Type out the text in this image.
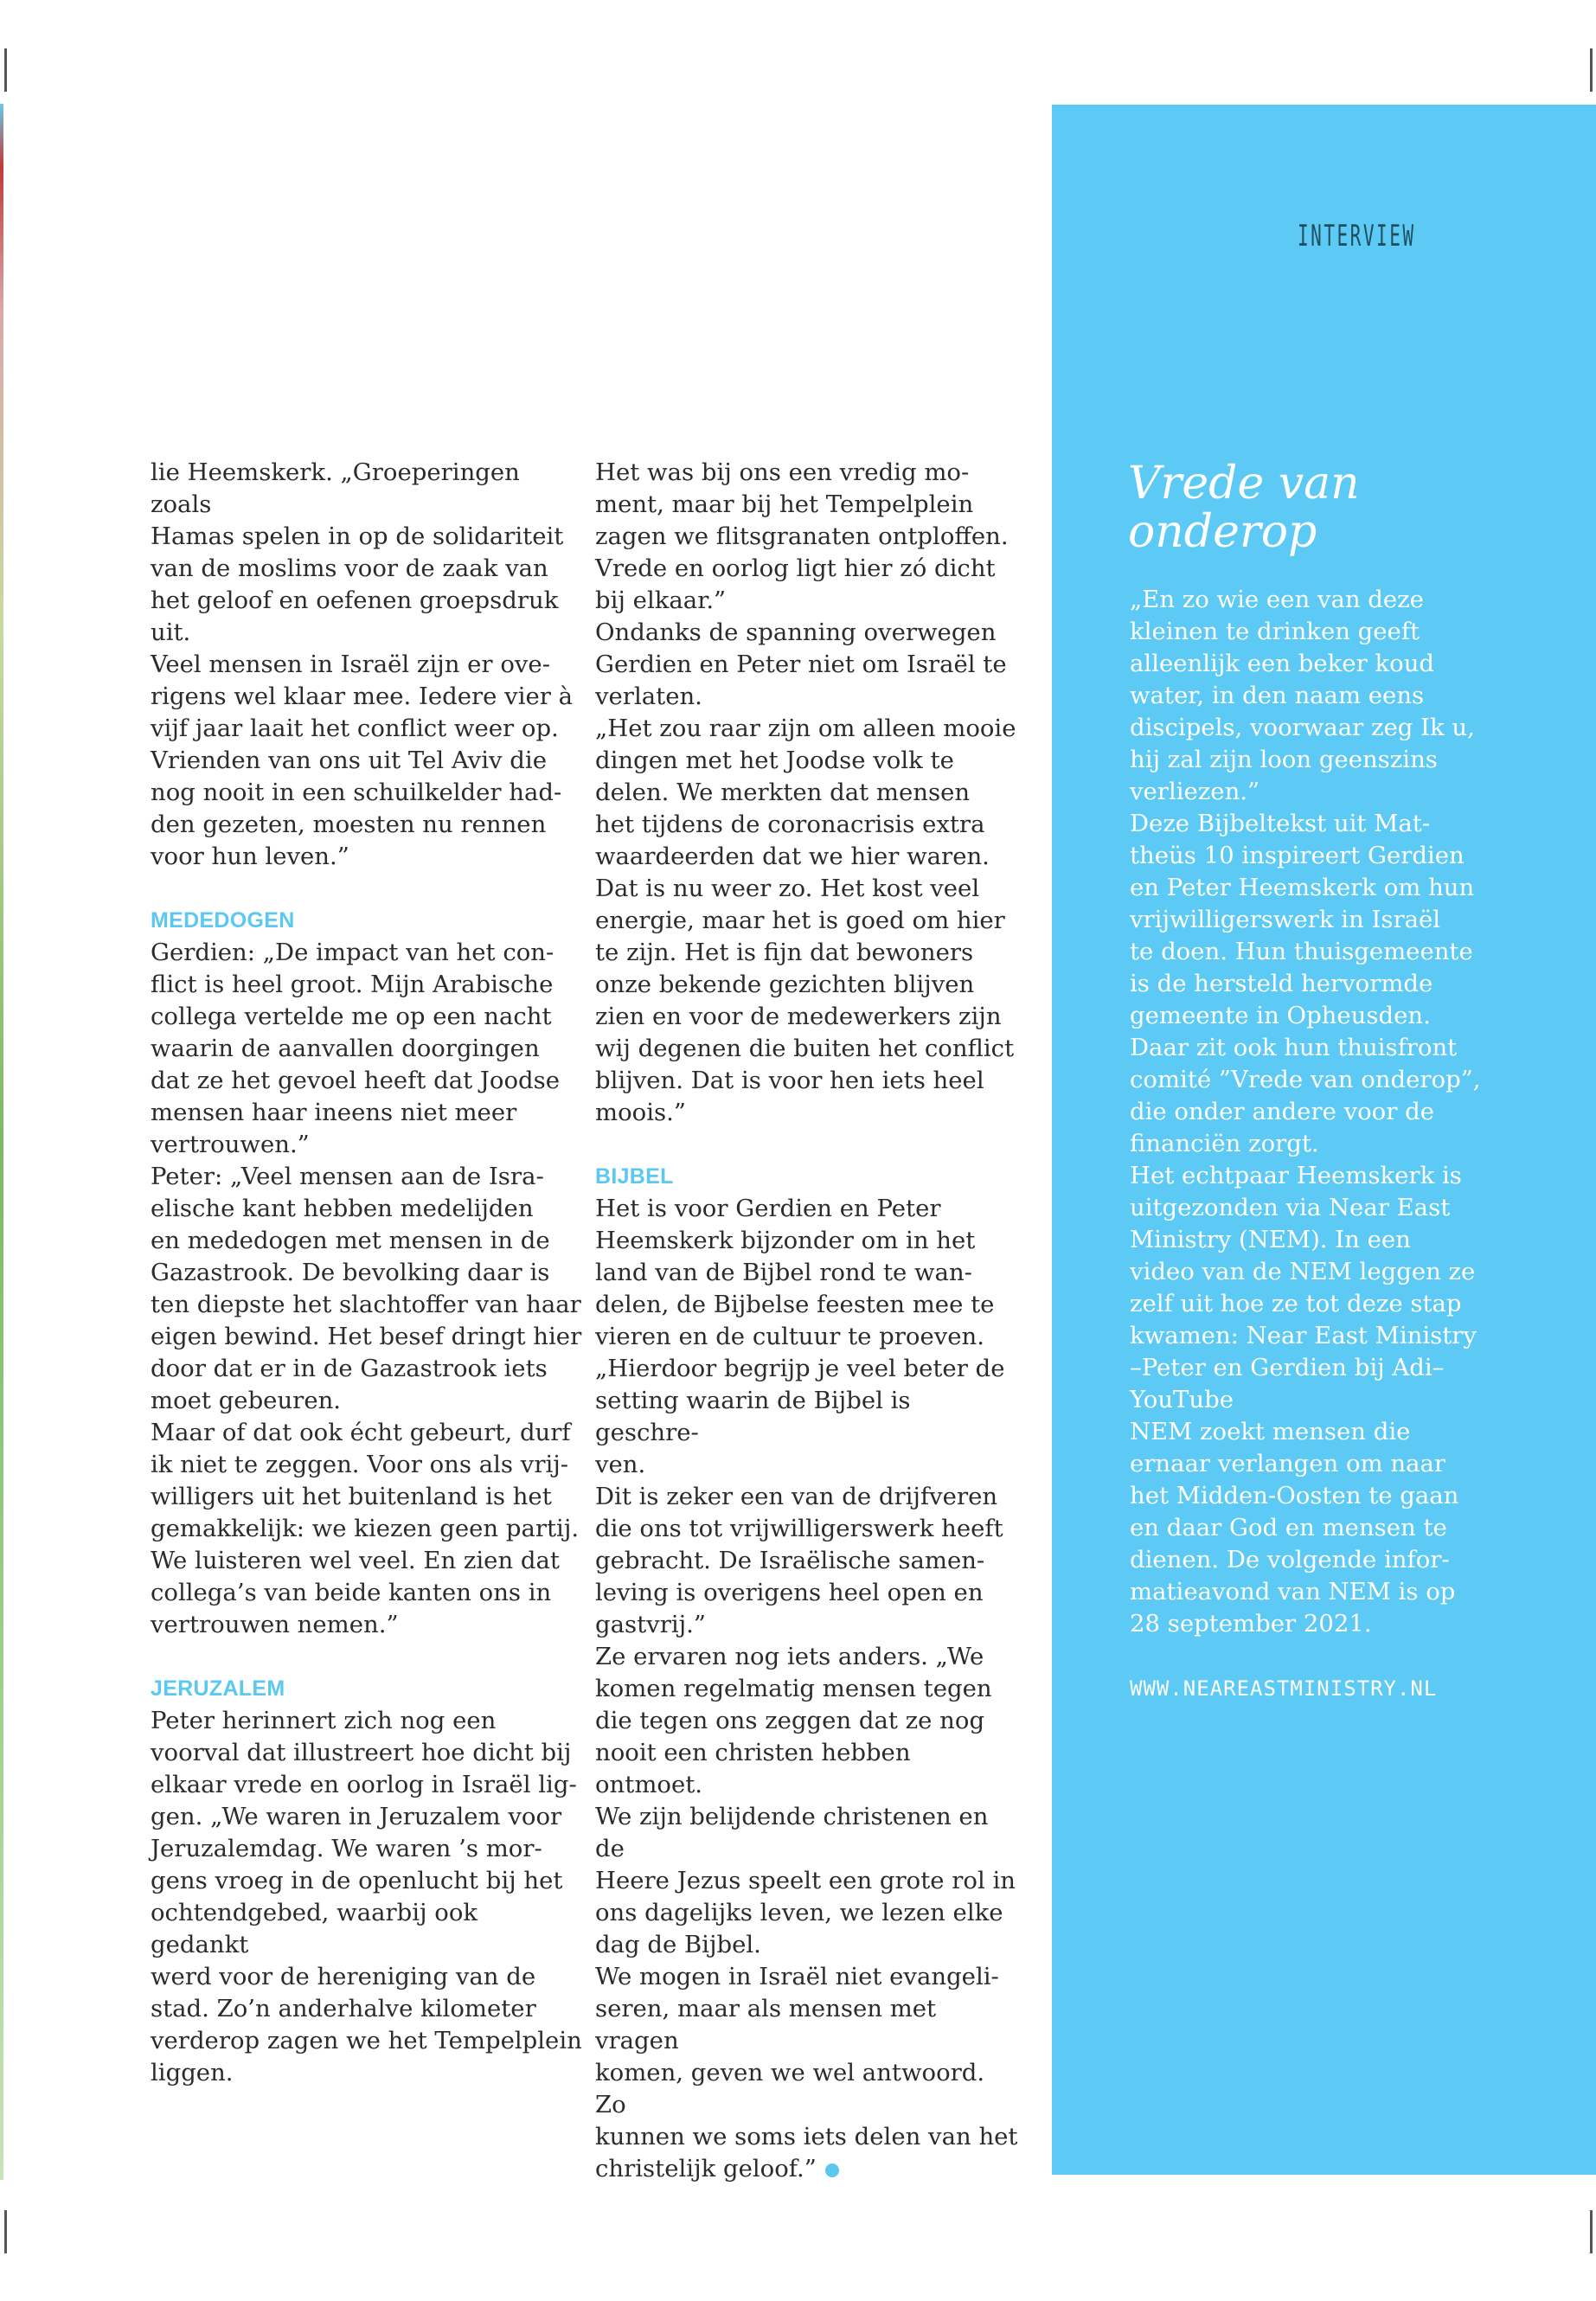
lie Heemskerk. „Groeperingen zoals
Hamas spelen in op de solidariteit
van de moslims voor de zaak van
het geloof en oefenen groepsdruk
uit.
Veel mensen in Israël zijn er ove-
rigens wel klaar mee. Iedere vier à
vijf jaar laait het conflict weer op.
Vrienden van ons uit Tel Aviv die
nog nooit in een schuilkelder had-
den gezeten, moesten nu rennen
voor hun leven.”

MEDEDOGEN

Gerdien: „De impact van het con-
flict is heel groot. Mijn Arabische
collega vertelde me op een nacht
waarin de aanvallen doorgingen
dat ze het gevoel heeft dat Joodse
mensen haar ineens niet meer
vertrouwen.”
Peter: „Veel mensen aan de Isra-
elische kant hebben medelijden
en mededogen met mensen in de
Gazastrook. De bevolking daar is
ten diepste het slachtoffer van haar
eigen bewind. Het besef dringt hier
door dat er in de Gazastrook iets
moet gebeuren.
Maar of dat ook écht gebeurt, durf
ik niet te zeggen. Voor ons als vrij-
willigers uit het buitenland is het
gemakkelijk: we kiezen geen partij.
We luisteren wel veel. En zien dat
collega’s van beide kanten ons in
vertrouwen nemen.”

JERUZALEM

Peter herinnert zich nog een
voorval dat illustreert hoe dicht bij
elkaar vrede en oorlog in Israël lig-
gen. „We waren in Jeruzalem voor
Jeruzalemdag. We waren ’s mor-
gens vroeg in de openlucht bij het
ochtendgebed, waarbij ook gedankt
werd voor de hereniging van de
stad. Zo’n anderhalve kilometer
verderop zagen we het Tempelplein
liggen.

Het was bij ons een vredig mo-
ment, maar bij het Tempelplein
zagen we flitsgranaten ontploffen.
Vrede en oorlog ligt hier zó dicht
bij elkaar.”
Ondanks de spanning overwegen
Gerdien en Peter niet om Israël te
verlaten.
„Het zou raar zijn om alleen mooie
dingen met het Joodse volk te
delen. We merkten dat mensen
het tijdens de coronacrisis extra
waardeerden dat we hier waren.
Dat is nu weer zo. Het kost veel
energie, maar het is goed om hier
te zijn. Het is fijn dat bewoners
onze bekende gezichten blijven
zien en voor de medewerkers zijn
wij degenen die buiten het conflict
blijven. Dat is voor hen iets heel
moois.”

BIJBEL

Het is voor Gerdien en Peter
Heemskerk bijzonder om in het
land van de Bijbel rond te wan-
delen, de Bijbelse feesten mee te
vieren en de cultuur te proeven.
„Hierdoor begrijp je veel beter de
setting waarin de Bijbel is geschre-
ven.
Dit is zeker een van de drijfveren
die ons tot vrijwilligerswerk heeft
gebracht. De Israëlische samen-
leving is overigens heel open en
gastvrij.”
Ze ervaren nog iets anders. „We
komen regelmatig mensen tegen
die tegen ons zeggen dat ze nog
nooit een christen hebben ontmoet.
We zijn belijdende christenen en de
Heere Jezus speelt een grote rol in
ons dagelijks leven, we lezen elke
dag de Bijbel.
We mogen in Israël niet evangeli-
seren, maar als mensen met vragen
komen, geven we wel antwoord. Zo
kunnen we soms iets delen van het
christelijk geloof.”

INTERVIEW
Vrede van
onderop

„En zo wie een van deze
kleinen te drinken geeft
alleenlijk een beker koud
water, in den naam eens
discipels, voorwaar zeg Ik u,
hij zal zijn loon geenszins
verliezen.”
Deze Bijbeltekst uit Mat-
theüs 10 inspireert Gerdien
en Peter Heemskerk om hun
vrijwilligerswerk in Israël
te doen. Hun thuisgemeente
is de hersteld hervormde
gemeente in Opheusden.
Daar zit ook hun thuisfront
comité ”Vrede van onderop”,
die onder andere voor de
financiën zorgt.
Het echtpaar Heemskerk is
uitgezonden via Near East
Ministry (NEM). In een
video van de NEM leggen ze
zelf uit hoe ze tot deze stap
kwamen: Near East Ministry
–Peter en Gerdien bij Adi–
YouTube
NEM zoekt mensen die
ernaar verlangen om naar
het Midden-Oosten te gaan
en daar God en mensen te
dienen. De volgende infor-
matieavond van NEM is op
28 september 2021.

WWW.NEAREASTMINISTRY.NL
